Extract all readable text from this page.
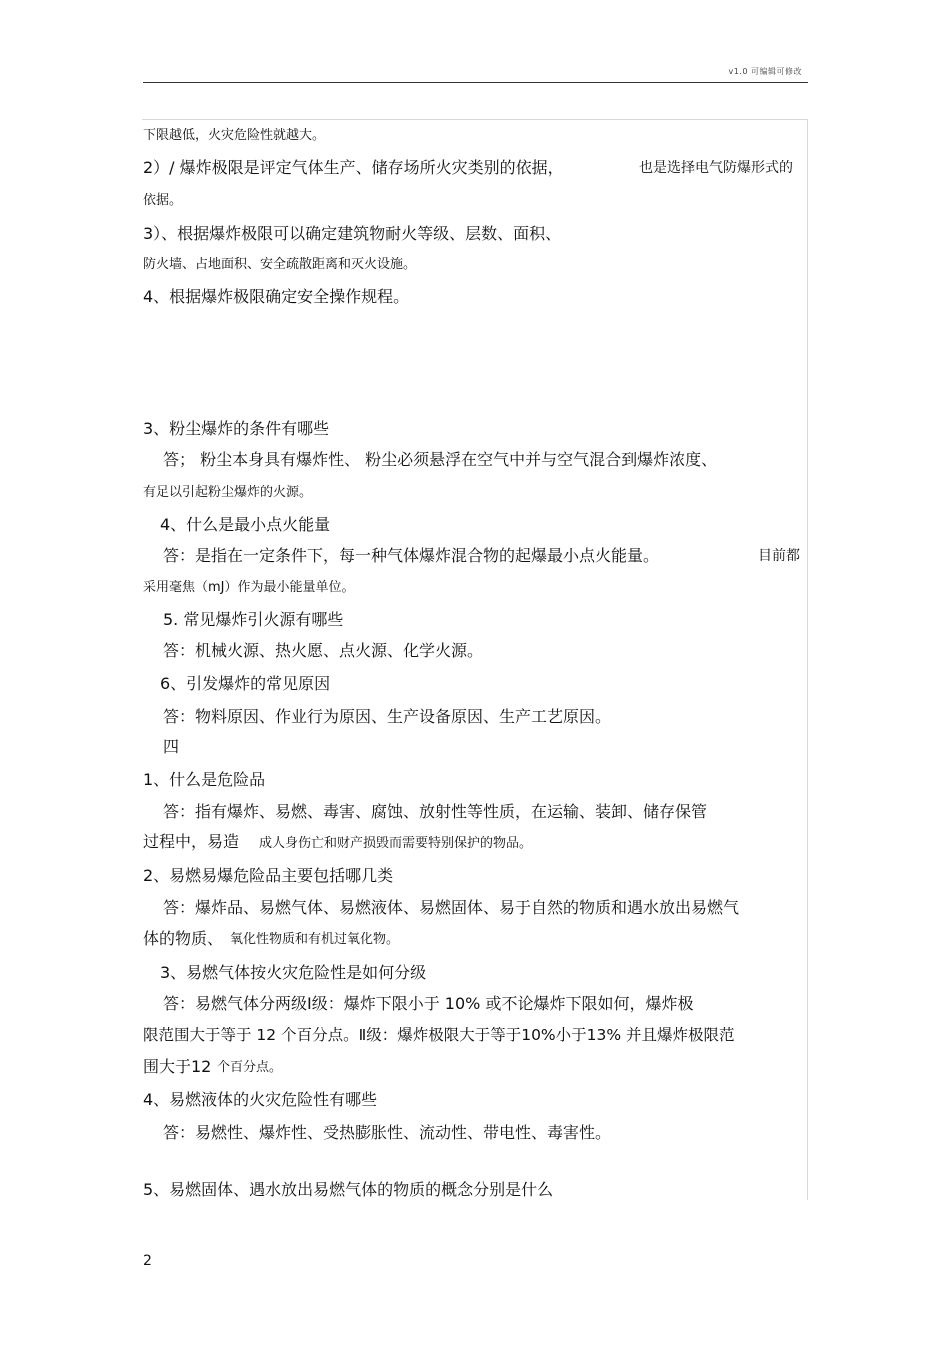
v1.0 可编辑可修改
下限越低，火灾危险性就越大。
2）/ 爆炸极限是评定气体生产、储存场所火灾类别的依据，	也是选择电气防爆形式的
依据。
3）、根据爆炸极限可以确定建筑物耐火等级、层数、面积、
防火墙、占地面积、安全疏散距离和灭火设施。
4、根据爆炸极限确定安全操作规程。
3、粉尘爆炸的条件有哪些
答； 粉尘本身具有爆炸性、 粉尘必须悬浮在空气中并与空气混合到爆炸浓度、
有足以引起粉尘爆炸的火源。
4、什么是最小点火能量
答：是指在一定条件下，每一种气体爆炸混合物的起爆最小点火能量。	目前都
采用毫焦（mJ）作为最小能量单位。
5. 常见爆炸引火源有哪些
答：机械火源、热火愿、点火源、化学火源。
6、引发爆炸的常见原因
答：物料原因、作业行为原因、生产设备原因、生产工艺原因。
四
1、什么是危险品
答：指有爆炸、易燃、毒害、腐蚀、放射性等性质，在运输、装卸、储存保管
过程中，易造 成人身伤亡和财产损毁而需要特别保护的物品。
2、易燃易爆危险品主要包括哪几类
答：爆炸品、易燃气体、易燃液体、易燃固体、易于自然的物质和遇水放出易燃气
体的物质、 氧化性物质和有机过氧化物。
3、易燃气体按火灾危险性是如何分级
答：易燃气体分两级Ⅰ级：爆炸下限小于 10% 或不论爆炸下限如何，爆炸极
限范围大于等于 12 个百分点。Ⅱ级：爆炸极限大于等于10%小于13% 并且爆炸极限范
围大于12 个百分点。
4、易燃液体的火灾危险性有哪些
答：易燃性、爆炸性、受热膨胀性、流动性、带电性、毒害性。
5、易燃固体、遇水放出易燃气体的物质的概念分别是什么
2
